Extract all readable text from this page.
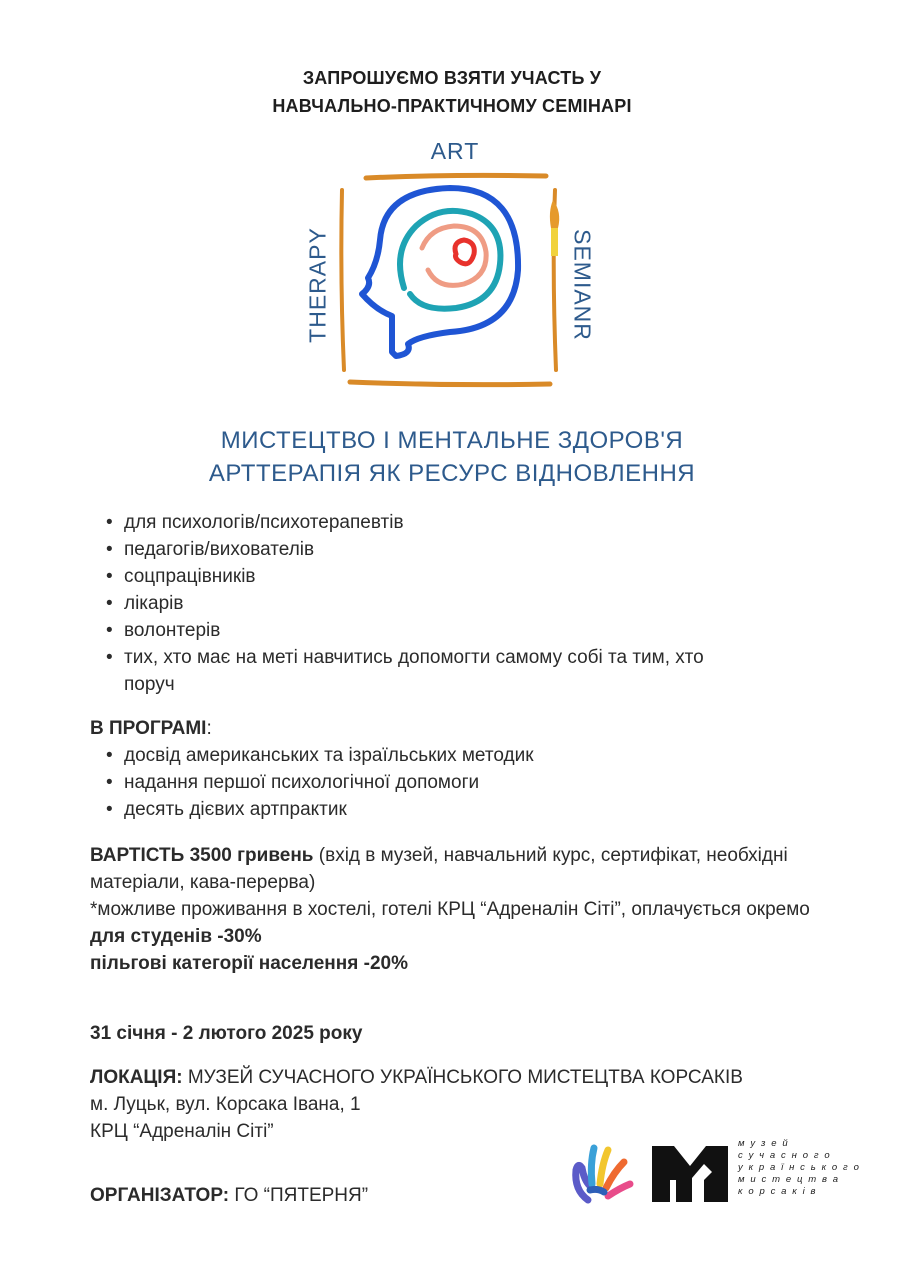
ЗАПРОШУЄМО ВЗЯТИ УЧАСТЬ У
НАВЧАЛЬНО-ПРАКТИЧНОМУ СЕМІНАРІ
ART
THERAPY	SEMIANR
МИСТЕЦТВО І МЕНТАЛЬНЕ ЗДОРОВ'Я
АРТТЕРАПІЯ ЯК РЕСУРС ВІДНОВЛЕННЯ
• для психологів/психотерапевтів
• педагогів/вихователів
• соцпрацівників
• лікарів
• волонтерів
• тих, хто має на меті навчитись допомогти самому собі та тим, хто поруч
В ПРОГРАМІ:
• досвід американських та ізраїльських методик
• надання першої психологічної допомоги
• десять дієвих артпрактик
ВАРТІСТЬ 3500 гривень (вхід в музей, навчальний курс, сертифікат, необхідні матеріали, кава-перерва)
*можливе проживання в хостелі, готелі КРЦ “Адреналін Сіті”, оплачується окремо
для студенів -30%
пільгові категорії населення -20%
31 січня - 2 лютого 2025 року
ЛОКАЦІЯ: МУЗЕЙ СУЧАСНОГО УКРАЇНСЬКОГО МИСТЕЦТВА КОРСАКІВ
м. Луцьк, вул. Корсака Івана, 1
КРЦ “Адреналін Сіті”
ОРГАНІЗАТОР: ГО “ПЯТЕРНЯ”
м у з е й
с у ч а с н о г о
у к р а ї н с ь к о г о
м и с т е ц т в а
к о р с а к і в
